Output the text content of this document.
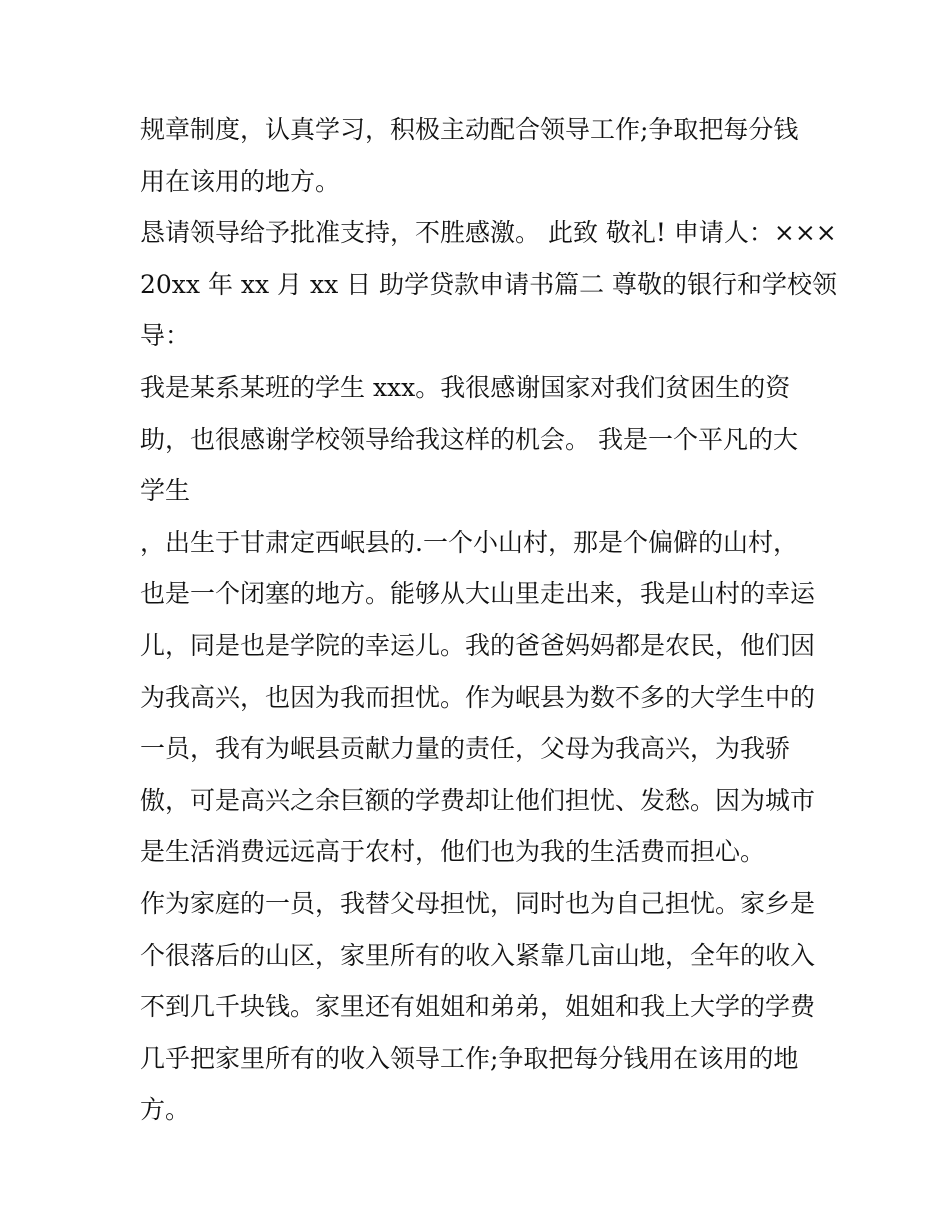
规章制度，认真学习，积极主动配合领导工作;争取把每分钱
用在该用的地方。
恳请领导给予批准支持，不胜感激。 此致 敬礼! 申请人：×××
20xx 年 xx 月 xx 日 助学贷款申请书篇二 尊敬的银行和学校领
导：
我是某系某班的学生 xxx。我很感谢国家对我们贫困生的资
助，也很感谢学校领导给我这样的机会。 我是一个平凡的大
学生
，出生于甘肃定西岷县的.一个小山村，那是个偏僻的山村，
也是一个闭塞的地方。能够从大山里走出来，我是山村的幸运
儿，同是也是学院的幸运儿。我的爸爸妈妈都是农民，他们因
为我高兴，也因为我而担忧。作为岷县为数不多的大学生中的
一员，我有为岷县贡献力量的责任，父母为我高兴，为我骄
傲，可是高兴之余巨额的学费却让他们担忧、发愁。因为城市
是生活消费远远高于农村，他们也为我的生活费而担心。
作为家庭的一员，我替父母担忧，同时也为自己担忧。家乡是
个很落后的山区，家里所有的收入紧靠几亩山地，全年的收入
不到几千块钱。家里还有姐姐和弟弟，姐姐和我上大学的学费
几乎把家里所有的收入领导工作;争取把每分钱用在该用的地
方。
